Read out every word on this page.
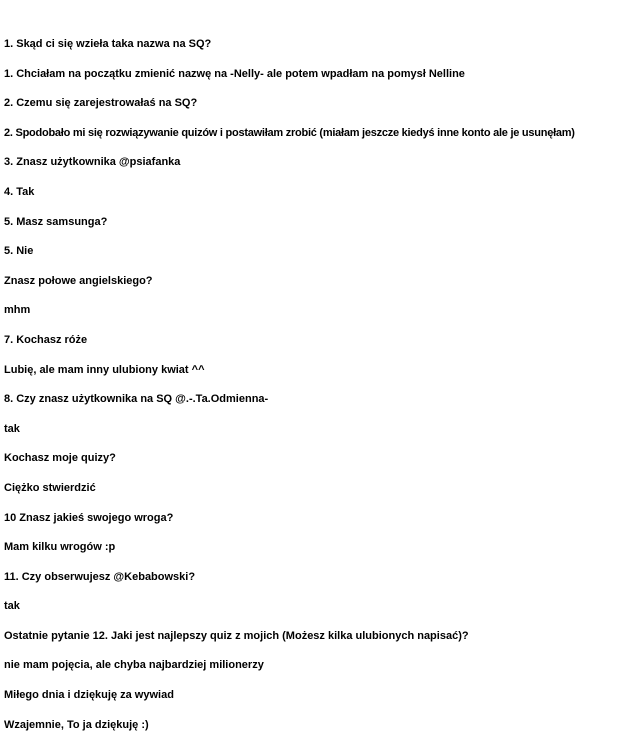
1. Skąd ci się wzieła taka nazwa na SQ?
1. Chciałam na początku zmienić nazwę na -Nelly- ale potem wpadłam na pomysł Nelline
2. Czemu się zarejestrowałaś na SQ?
2. Spodobało mi się rozwiązywanie quizów i postawiłam zrobić (miałam jeszcze kiedyś inne konto ale je usunęłam)
3. Znasz użytkownika @psiafanka
4. Tak
5. Masz samsunga?
5. Nie
Znasz połowe angielskiego?
mhm
7. Kochasz róże
Lubię, ale mam inny ulubiony kwiat ^^
8. Czy znasz użytkownika na SQ @.-.Ta.Odmienna-
tak
Kochasz moje quizy?
Ciężko stwierdzić
10 Znasz jakieś swojego wroga?
Mam kilku wrogów :p
11. Czy obserwujesz @Kebabowski?
tak
Ostatnie pytanie 12. Jaki jest najlepszy quiz z mojich (Możesz kilka ulubionych napisać)?
nie mam pojęcia, ale chyba najbardziej milionerzy
Miłego dnia i dziękuję za wywiad
Wzajemnie, To ja dziękuję :)
